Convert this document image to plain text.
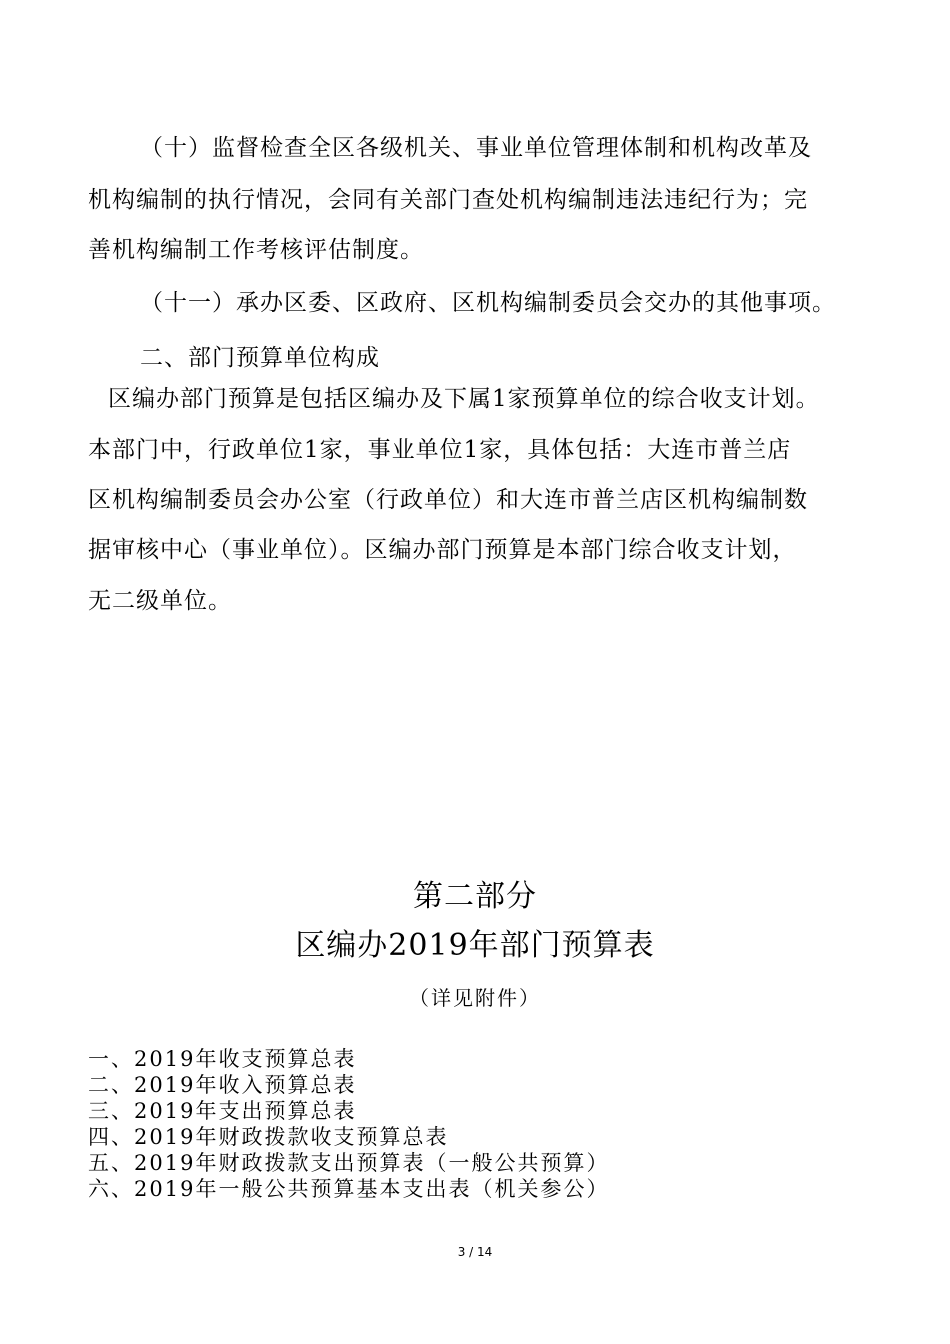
（十）监督检查全区各级机关、事业单位管理体制和机构改革及
机构编制的执行情况，会同有关部门查处机构编制违法违纪行为；完
善机构编制工作考核评估制度。
（十一）承办区委、区政府、区机构编制委员会交办的其他事项。
二、部门预算单位构成
区编办部门预算是包括区编办及下属1家预算单位的综合收支计划。
本部门中，行政单位1家，事业单位1家，具体包括：大连市普兰店
区机构编制委员会办公室（行政单位）和大连市普兰店区机构编制数
据审核中心（事业单位）。区编办部门预算是本部门综合收支计划，
无二级单位。
第二部分
区编办2019年部门预算表
（详见附件）
一、2019年收支预算总表
二、2019年收入预算总表
三、2019年支出预算总表
四、2019年财政拨款收支预算总表
五、2019年财政拨款支出预算表（一般公共预算）
六、2019年一般公共预算基本支出表（机关参公）
3 / 14
